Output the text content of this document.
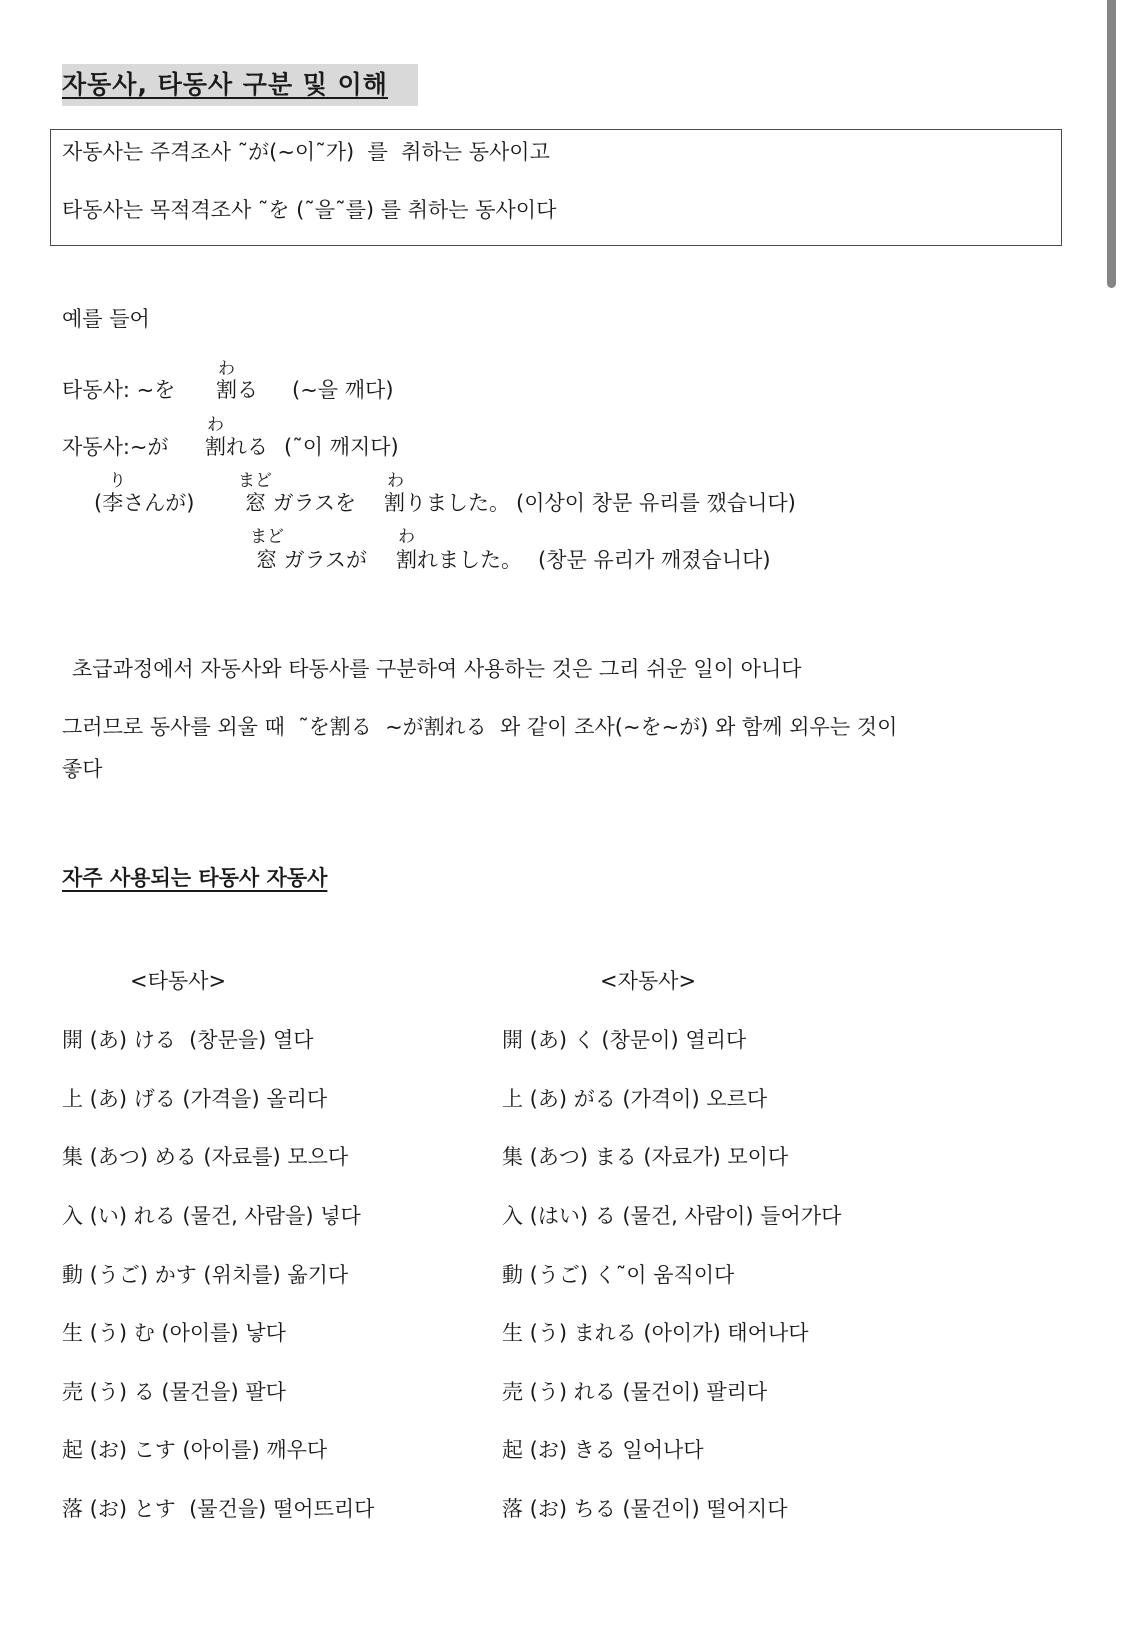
자동사, 타동사 구분 및 이해
자동사는 주격조사 ˜が(∼이˜가)  를  취하는 동사이고
타동사는 목적격조사 ˜を (˜을˜를) 를 취하는 동사이다
예를 들어
わ
타동사: ∼を 割る (∼을 깨다)
わ
자동사:∼が 割れる (˜이 깨지다)
り	まど	わ
(李さんが) 窓 ガラスを 割りました。 (이상이 창문 유리를 깼습니다)
まど	わ
窓 ガラスが 割れました。 (창문 유리가 깨졌습니다)
초급과정에서 자동사와 타동사를 구분하여 사용하는 것은 그리 쉬운 일이 아니다
그러므로 동사를 외울 때  ˜を割る  ∼が割れる  와 같이 조사(∼を∼が) 와 함께 외우는 것이
좋다
자주 사용되는 타동사 자동사
<타동사>	<자동사>
開 (あ) ける  (창문을) 열다	開 (あ) く (창문이) 열리다
上 (あ) げる (가격을) 올리다	上 (あ) がる (가격이) 오르다
集 (あつ) める (자료를) 모으다	集 (あつ) まる (자료가) 모이다
入 (い) れる (물건, 사람을) 넣다	入 (はい) る (물건, 사람이) 들어가다
動 (うご) かす (위치를) 옮기다	動 (うご) く˜이 움직이다
生 (う) む (아이를) 낳다	生 (う) まれる (아이가) 태어나다
売 (う) る (물건을) 팔다	売 (う) れる (물건이) 팔리다
起 (お) こす (아이를) 깨우다	起 (お) きる 일어나다
落 (お) とす  (물건을) 떨어뜨리다	落 (お) ちる (물건이) 떨어지다
